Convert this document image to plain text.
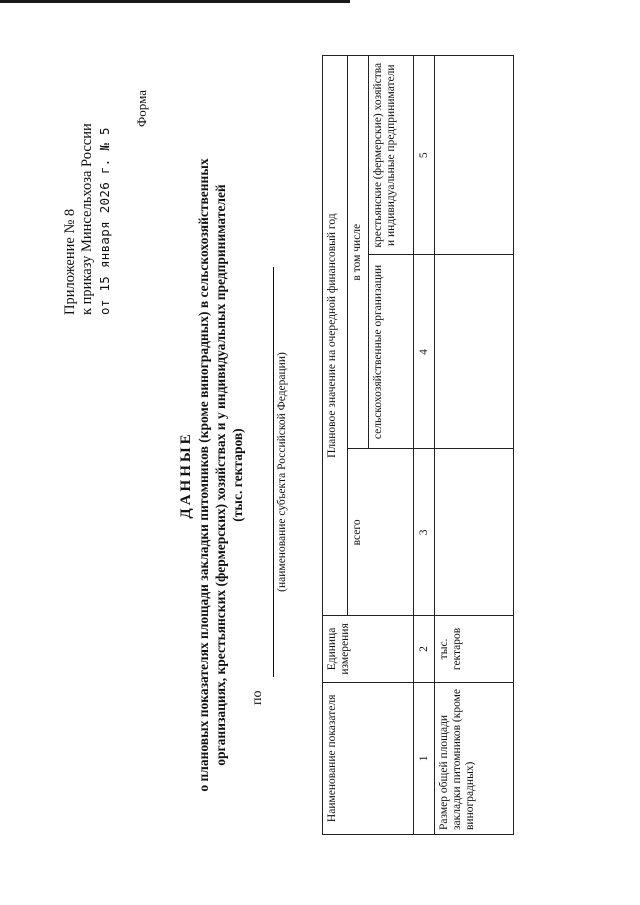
Приложение № 8 к приказу Минсельхоза России от 15 января 2026 г. № 5
Форма
ДАННЫЕ о плановых показателях площади закладки питомников (кроме виноградных) в сельскохозяйственных организациях, крестьянских (фермерских) хозяйствах и у индивидуальных предпринимателей (тыс. гектаров)
по
(наименование субъекта Российской Федерации)
Наименование показателя	Единица измерения	Плановое значение на очередной финансовый год		
		всего	в том числе	
			сельскохозяйственные организации	крестьянские (фермерские) хозяйства и индивидуальные предприниматели
1	2	3	4	5
Размер общей площади закладки питомников (кроме виноградных)	тыс. гектаров			
